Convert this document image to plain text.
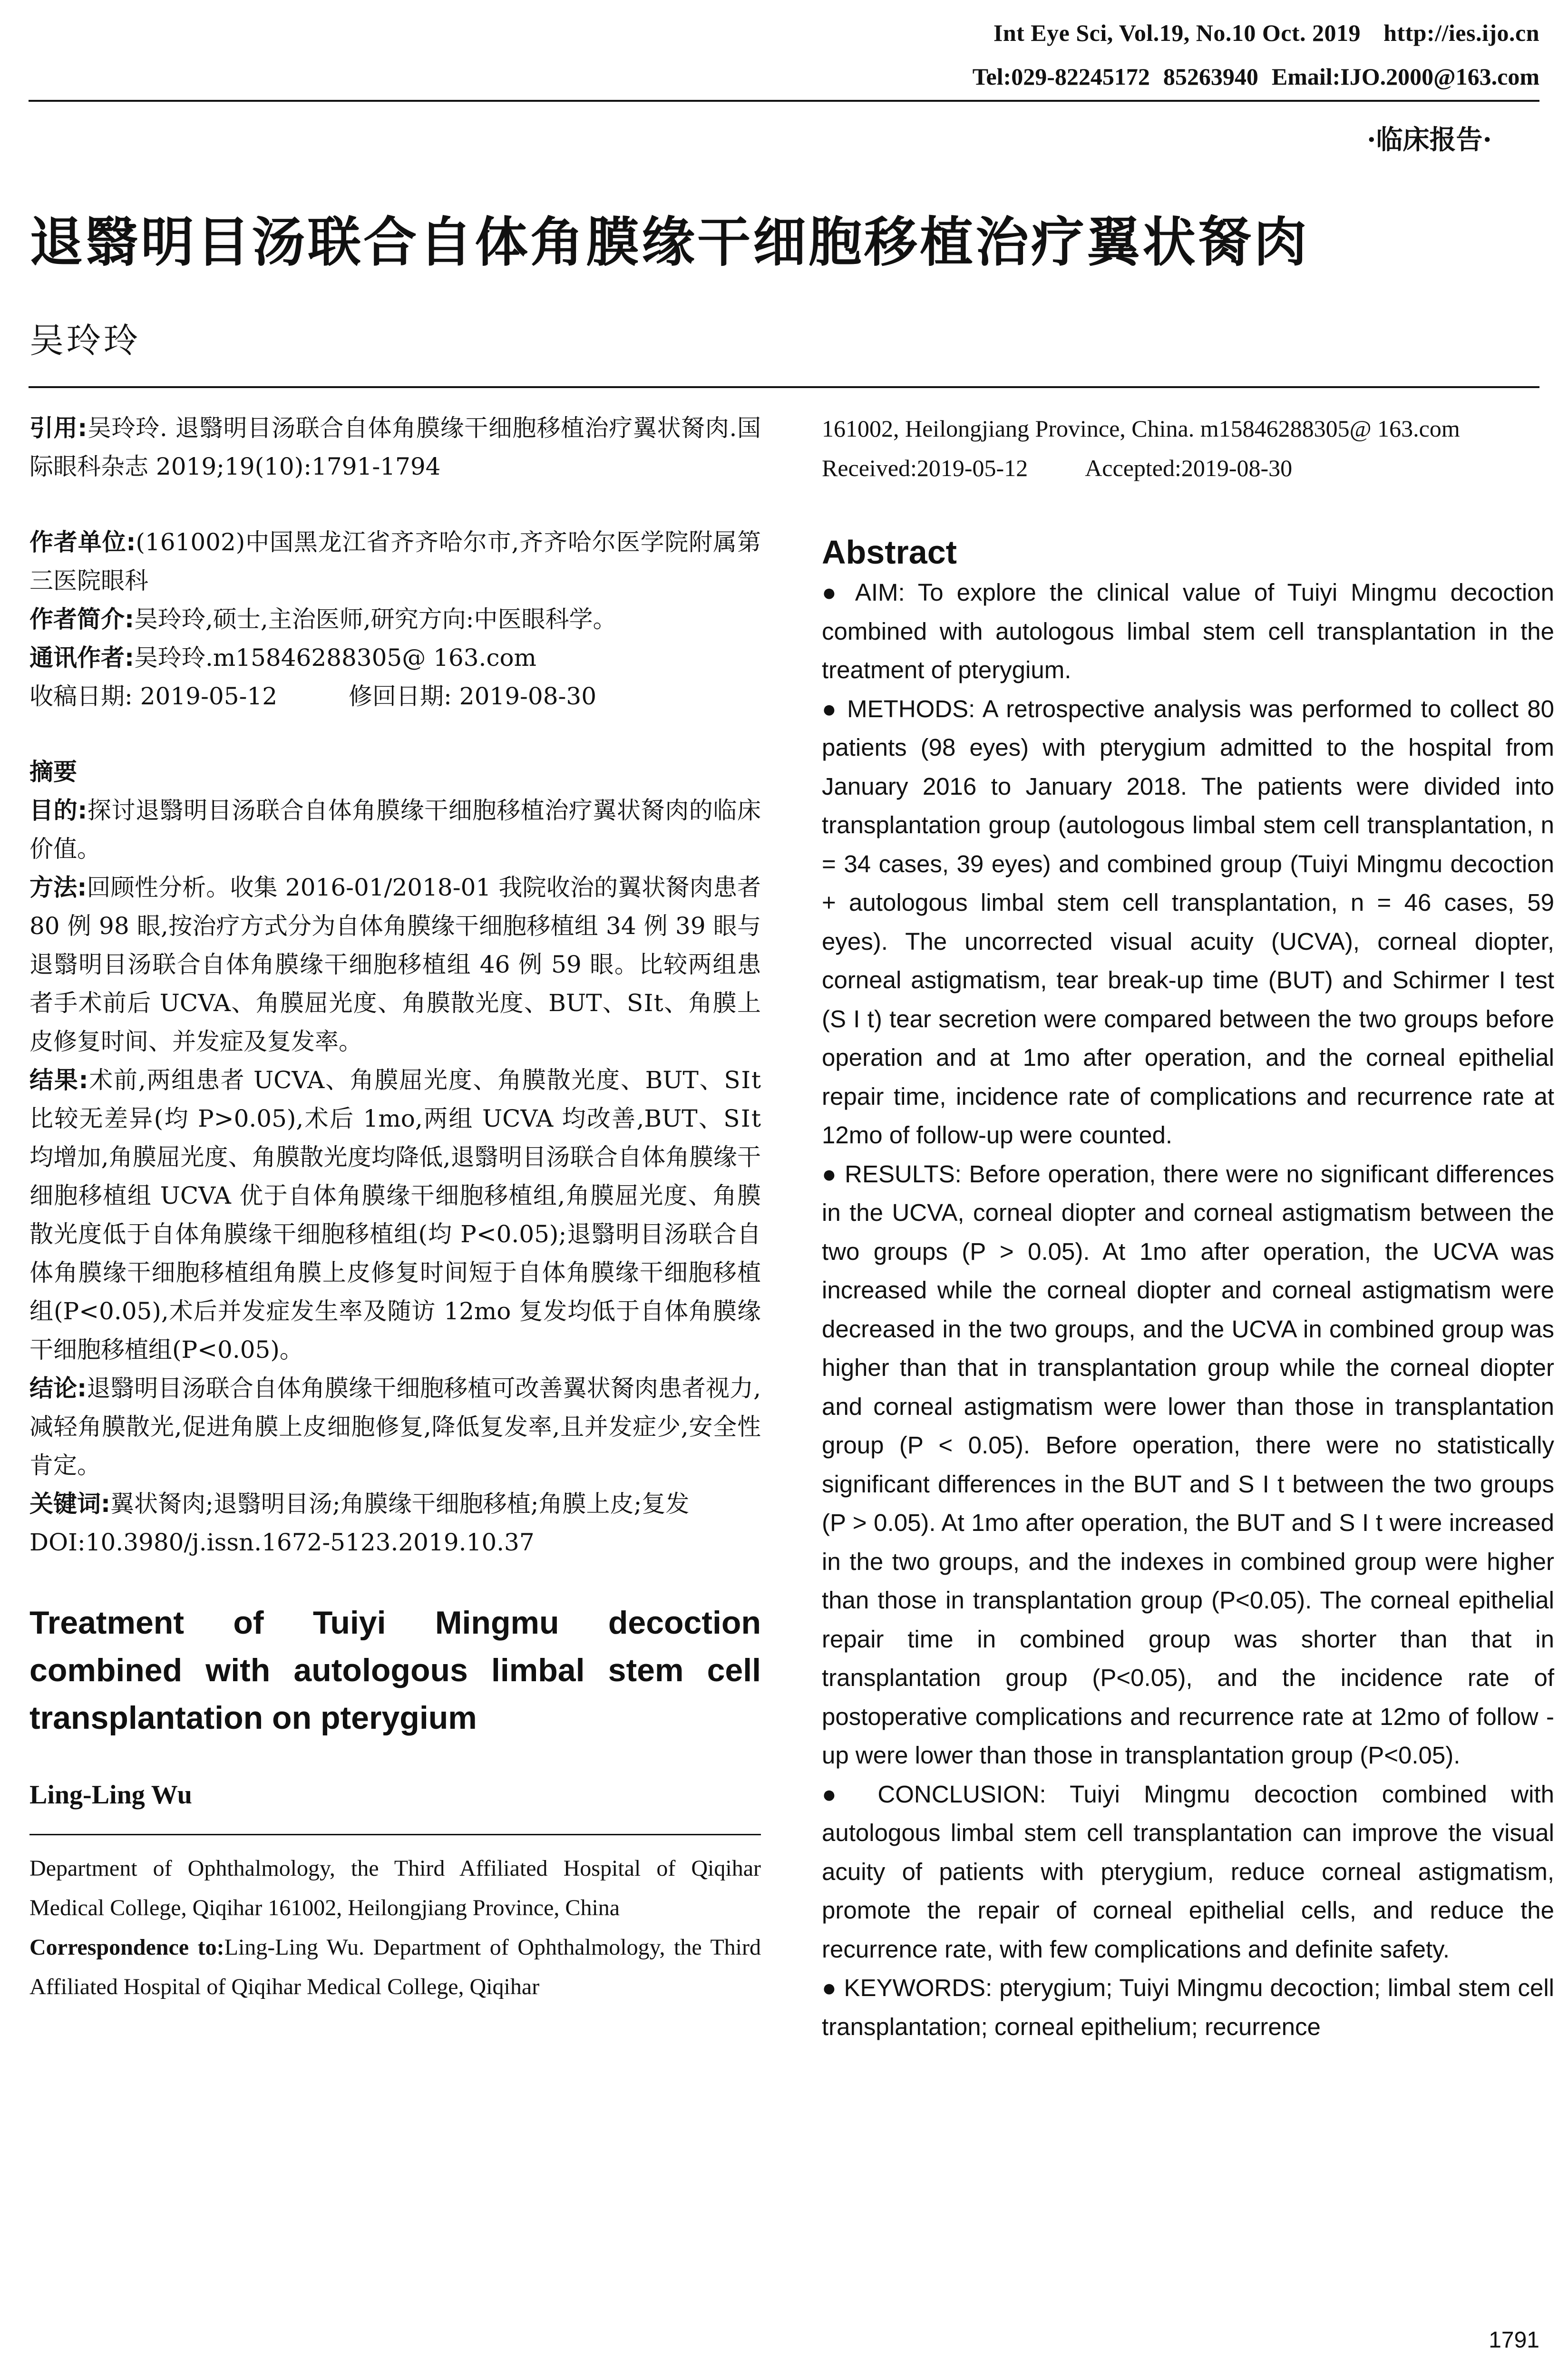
Int Eye Sci, Vol.19, No.10 Oct. 2019 http://ies.ijo.cn
Tel:029-82245172 85263940 Email:IJO.2000@163.com
·临床报告·
退翳明目汤联合自体角膜缘干细胞移植治疗翼状胬肉
吴玲玲

引用:吴玲玲. 退翳明目汤联合自体角膜缘干细胞移植治疗翼状胬肉.国际眼科杂志 2019;19(10):1791-1794

作者单位:(161002)中国黑龙江省齐齐哈尔市,齐齐哈尔医学院附属第三医院眼科

作者简介:吴玲玲,硕士,主治医师,研究方向:中医眼科学。

通讯作者:吴玲玲.m15846288305@ 163.com

收稿日期: 2019-05-12	修回日期: 2019-08-30

摘要

目的:探讨退翳明目汤联合自体角膜缘干细胞移植治疗翼状胬肉的临床价值。

方法:回顾性分析。收集 2016-01/2018-01 我院收治的翼状胬肉患者 80 例 98 眼,按治疗方式分为自体角膜缘干细胞移植组 34 例 39 眼与退翳明目汤联合自体角膜缘干细胞移植组 46 例 59 眼。比较两组患者手术前后 UCVA、角膜屈光度、角膜散光度、BUT、SⅠt、角膜上皮修复时间、并发症及复发率。

结果:术前,两组患者 UCVA、角膜屈光度、角膜散光度、BUT、SⅠt 比较无差异(均 P>0.05),术后 1mo,两组 UCVA 均改善,BUT、SⅠt 均增加,角膜屈光度、角膜散光度均降低,退翳明目汤联合自体角膜缘干细胞移植组 UCVA 优于自体角膜缘干细胞移植组,角膜屈光度、角膜散光度低于自体角膜缘干细胞移植组(均 P<0.05);退翳明目汤联合自体角膜缘干细胞移植组角膜上皮修复时间短于自体角膜缘干细胞移植组(P<0.05),术后并发症发生率及随访 12mo 复发均低于自体角膜缘干细胞移植组(P<0.05)。

结论:退翳明目汤联合自体角膜缘干细胞移植可改善翼状胬肉患者视力,减轻角膜散光,促进角膜上皮细胞修复,降低复发率,且并发症少,安全性肯定。

关键词:翼状胬肉;退翳明目汤;角膜缘干细胞移植;角膜上皮;复发

DOI:10.3980/j.issn.1672-5123.2019.10.37

Treatment of Tuiyi Mingmu decoction combined with autologous limbal stem cell transplantation on pterygium

Ling-Ling Wu

Department of Ophthalmology, the Third Affiliated Hospital of Qiqihar Medical College, Qiqihar 161002, Heilongjiang Province, China

Correspondence to:Ling-Ling Wu. Department of Ophthalmology, the Third Affiliated Hospital of Qiqihar Medical College, Qiqihar

161002, Heilongjiang Province, China. m15846288305@ 163.com

Received:2019-05-12 Accepted:2019-08-30

Abstract

● AIM: To explore the clinical value of Tuiyi Mingmu decoction combined with autologous limbal stem cell transplantation in the treatment of pterygium.

● METHODS: A retrospective analysis was performed to collect 80 patients (98 eyes) with pterygium admitted to the hospital from January 2016 to January 2018. The patients were divided into transplantation group (autologous limbal stem cell transplantation, n = 34 cases, 39 eyes) and combined group (Tuiyi Mingmu decoction + autologous limbal stem cell transplantation, n = 46 cases, 59 eyes). The uncorrected visual acuity (UCVA), corneal diopter, corneal astigmatism, tear break-up time (BUT) and Schirmer I test (S I t) tear secretion were compared between the two groups before operation and at 1mo after operation, and the corneal epithelial repair time, incidence rate of complications and recurrence rate at 12mo of follow-up were counted.

● RESULTS: Before operation, there were no significant differences in the UCVA, corneal diopter and corneal astigmatism between the two groups (P > 0.05). At 1mo after operation, the UCVA was increased while the corneal diopter and corneal astigmatism were decreased in the two groups, and the UCVA in combined group was higher than that in transplantation group while the corneal diopter and corneal astigmatism were lower than those in transplantation group (P < 0.05). Before operation, there were no statistically significant differences in the BUT and S I t between the two groups (P > 0.05). At 1mo after operation, the BUT and S I t were increased in the two groups, and the indexes in combined group were higher than those in transplantation group (P<0.05). The corneal epithelial repair time in combined group was shorter than that in transplantation group (P<0.05), and the incidence rate of postoperative complications and recurrence rate at 12mo of follow - up were lower than those in transplantation group (P<0.05).

● CONCLUSION: Tuiyi Mingmu decoction combined with autologous limbal stem cell transplantation can improve the visual acuity of patients with pterygium, reduce corneal astigmatism, promote the repair of corneal epithelial cells, and reduce the recurrence rate, with few complications and definite safety.

● KEYWORDS: pterygium; Tuiyi Mingmu decoction; limbal stem cell transplantation; corneal epithelium; recurrence

1791
